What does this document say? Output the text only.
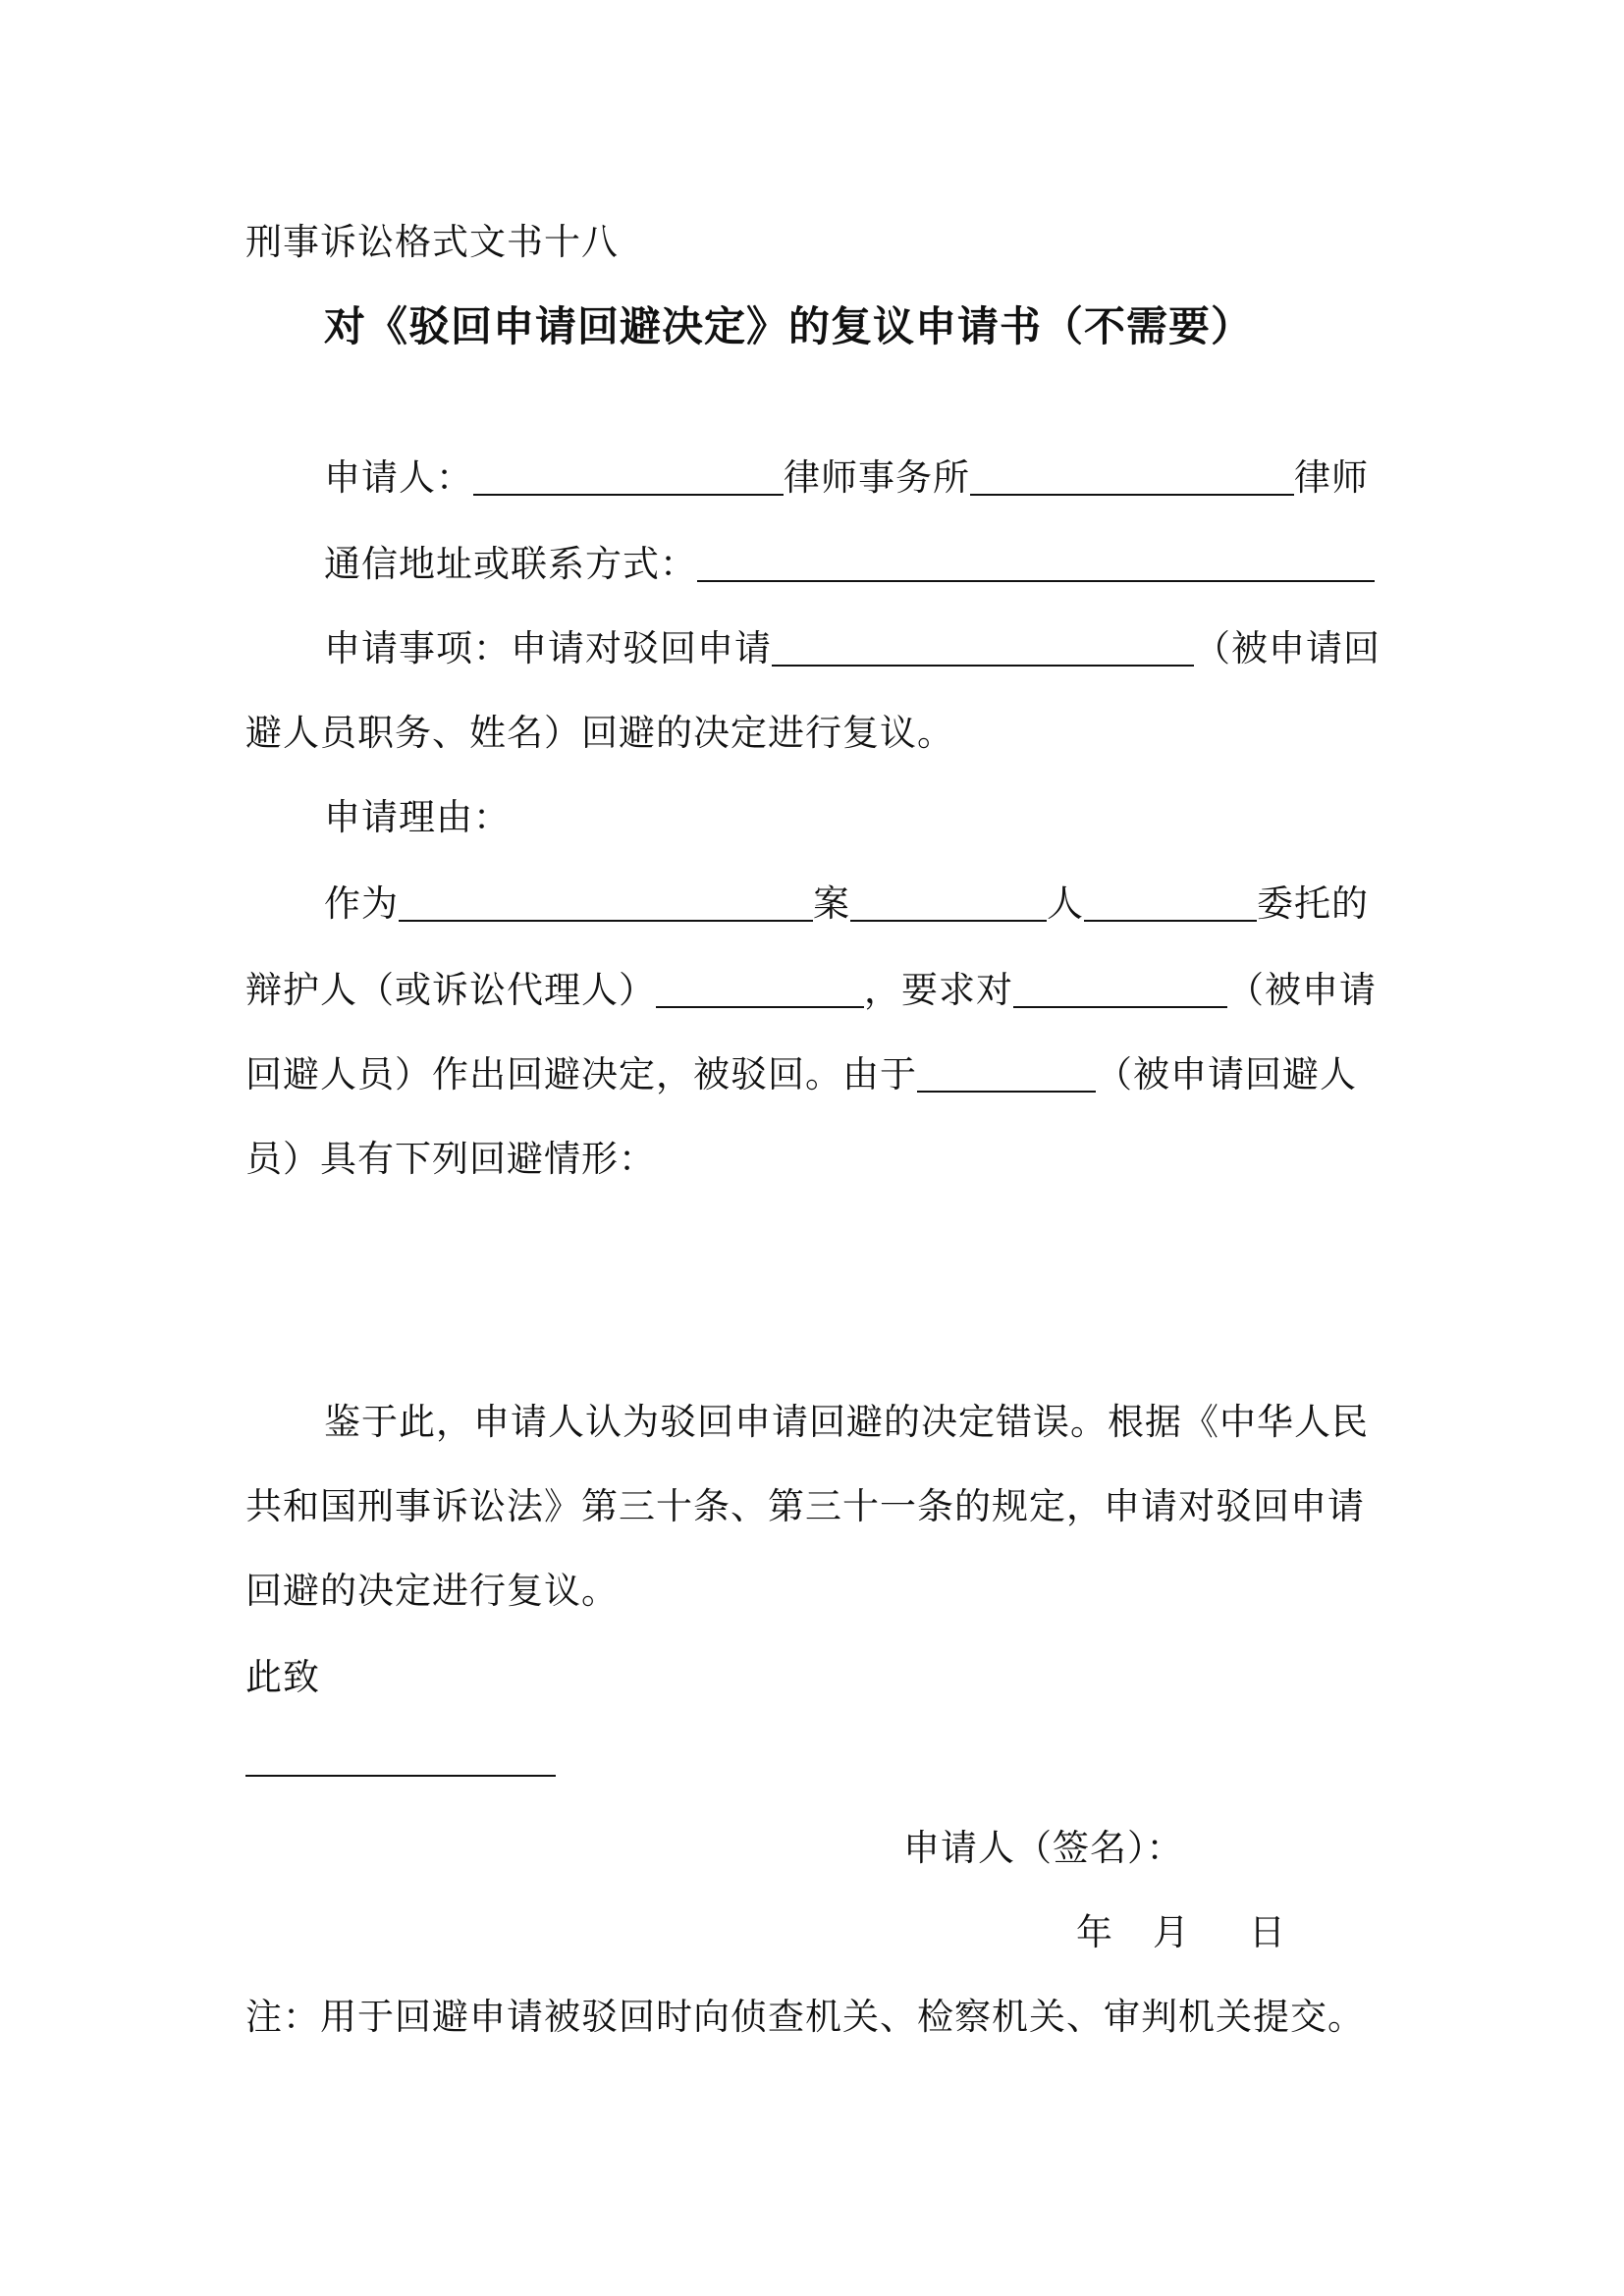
刑事诉讼格式文书十八
对《驳回申请回避决定》的复议申请书（不需要）
申请人：	律师事务所	律师
通信地址或联系方式：
申请事项：申请对驳回申请	（被申请回
避人员职务、姓名）回避的决定进行复议。
申请理由：
作为	案	人	委托的
辩护人（或诉讼代理人）	，要求对	（被申请
回避人员）作出回避决定，被驳回。由于	（被申请回避人
员）具有下列回避情形：
鉴于此，申请人认为驳回申请回避的决定错误。根据《中华人民
共和国刑事诉讼法》第三十条、第三十一条的规定，申请对驳回申请
回避的决定进行复议。
此致
申请人（签名）：
年 月 日
注：用于回避申请被驳回时向侦查机关、检察机关、审判机关提交。
